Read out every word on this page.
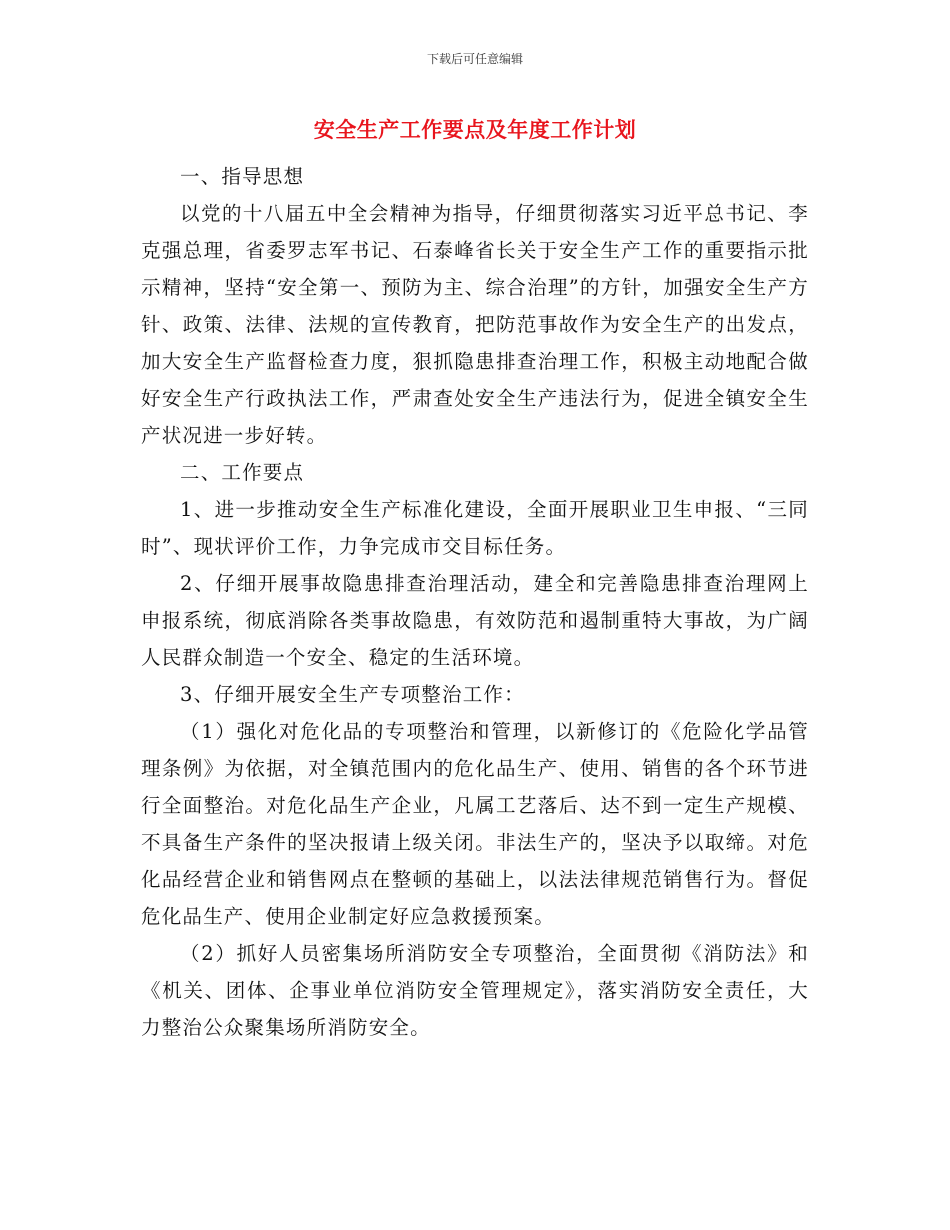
下载后可任意编辑
安全生产工作要点及年度工作计划

一、指导思想

以党的十八届五中全会精神为指导，仔细贯彻落实习近平总书记、李克强总理，省委罗志军书记、石泰峰省长关于安全生产工作的重要指示批示精神，坚持“安全第一、预防为主、综合治理”的方针，加强安全生产方针、政策、法律、法规的宣传教育，把防范事故作为安全生产的出发点，加大安全生产监督检查力度，狠抓隐患排查治理工作，积极主动地配合做好安全生产行政执法工作，严肃查处安全生产违法行为，促进全镇安全生产状况进一步好转。

二、工作要点

1、进一步推动安全生产标准化建设，全面开展职业卫生申报、“三同时”、现状评价工作，力争完成市交目标任务。

2、仔细开展事故隐患排查治理活动，建全和完善隐患排查治理网上申报系统，彻底消除各类事故隐患，有效防范和遏制重特大事故，为广阔人民群众制造一个安全、稳定的生活环境。

3、仔细开展安全生产专项整治工作：

（1）强化对危化品的专项整治和管理，以新修订的《危险化学品管理条例》为依据，对全镇范围内的危化品生产、使用、销售的各个环节进行全面整治。对危化品生产企业，凡属工艺落后、达不到一定生产规模、不具备生产条件的坚决报请上级关闭。非法生产的，坚决予以取缔。对危化品经营企业和销售网点在整顿的基础上，以法法律规范销售行为。督促危化品生产、使用企业制定好应急救援预案。

（2）抓好人员密集场所消防安全专项整治，全面贯彻《消防法》和《机关、团体、企事业单位消防安全管理规定》，落实消防安全责任，大力整治公众聚集场所消防安全。
